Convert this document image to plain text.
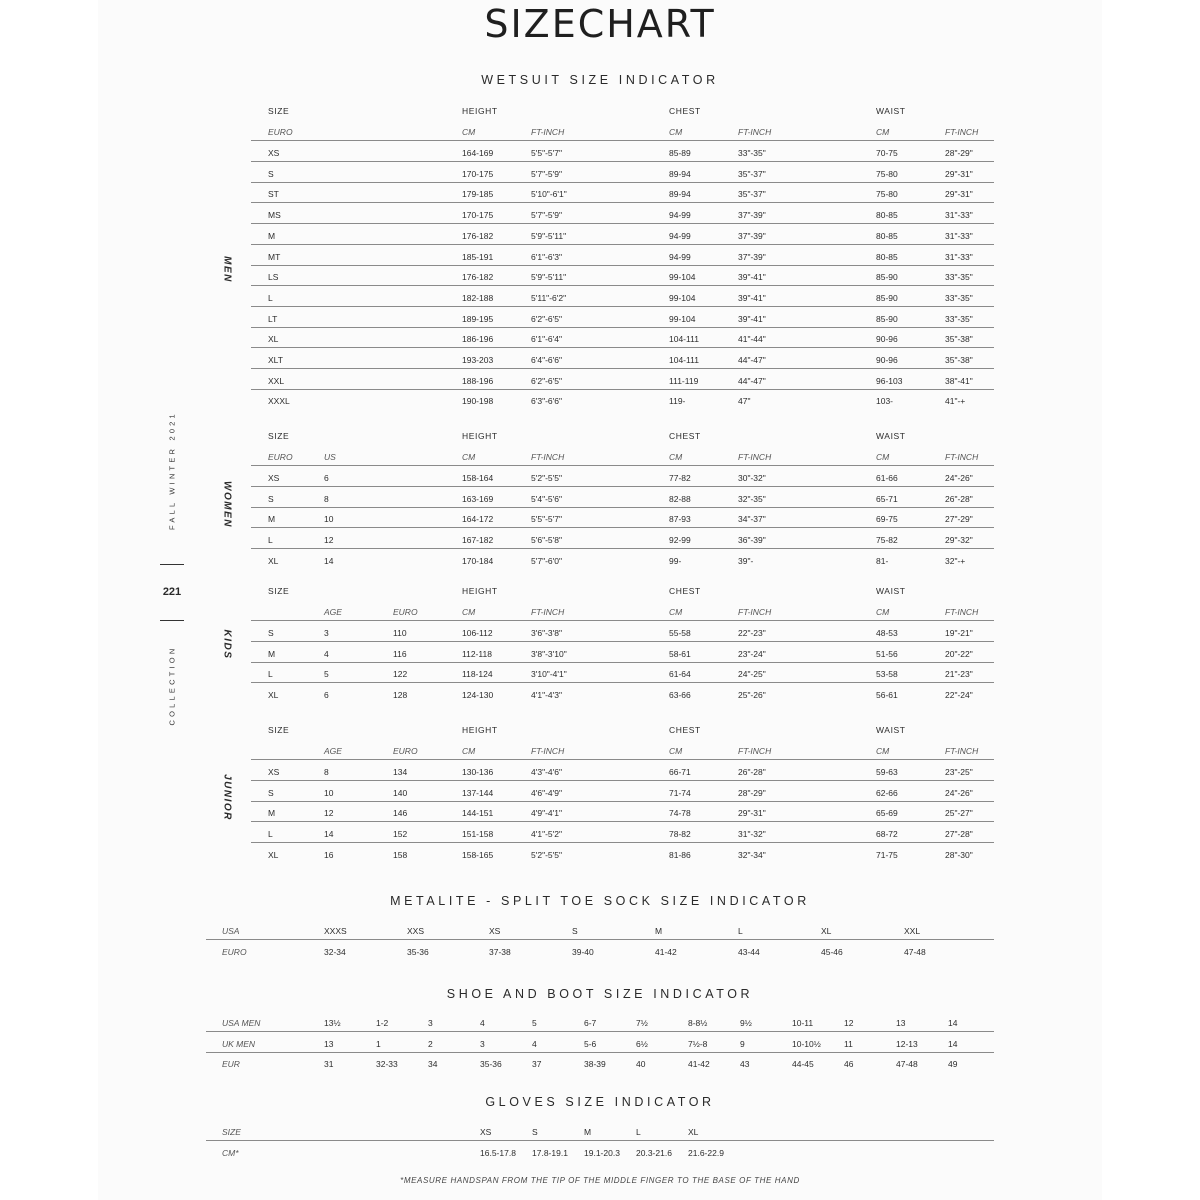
SIZECHART
FALL WINTER 2021
221
COLLECTION
WETSUIT SIZE INDICATOR
METALITE - SPLIT TOE SOCK SIZE INDICATOR
SHOE AND BOOT SIZE INDICATOR
GLOVES SIZE INDICATOR
*MEASURE HANDSPAN FROM THE TIP OF THE MIDDLE FINGER TO THE BASE OF THE HAND
SIZE	HEIGHT	CHEST	WAIST
EURO	CM	FT-INCH	CM	FT-INCH	CM	FT-INCH
XS	164-169	5'5"-5'7"	85-89	33"-35"	70-75	28"-29"
S	170-175	5'7"-5'9"	89-94	35"-37"	75-80	29"-31"
ST	179-185	5'10"-6'1"	89-94	35"-37"	75-80	29"-31"
MS	170-175	5'7"-5'9"	94-99	37"-39"	80-85	31"-33"
M	176-182	5'9"-5'11"	94-99	37"-39"	80-85	31"-33"
MT	185-191	6'1"-6'3"	94-99	37"-39"	80-85	31"-33"
LS	176-182	5'9"-5'11"	99-104	39"-41"	85-90	33"-35"
L	182-188	5'11"-6'2"	99-104	39"-41"	85-90	33"-35"
LT	189-195	6'2"-6'5"	99-104	39"-41"	85-90	33"-35"
XL	186-196	6'1"-6'4"	104-111	41"-44"	90-96	35"-38"
XLT	193-203	6'4"-6'6"	104-111	44"-47"	90-96	35"-38"
XXL	188-196	6'2"-6'5"	111-119	44"-47"	96-103	38"-41"
XXXL	190-198	6'3"-6'6"	119-	47"	103-	41"-+
MEN
SIZE	HEIGHT	CHEST	WAIST
EURO	US	CM	FT-INCH	CM	FT-INCH	CM	FT-INCH
XS	6	158-164	5'2"-5'5"	77-82	30"-32"	61-66	24"-26"
S	8	163-169	5'4"-5'6"	82-88	32"-35"	65-71	26"-28"
M	10	164-172	5'5"-5'7"	87-93	34"-37"	69-75	27"-29"
L	12	167-182	5'6"-5'8"	92-99	36"-39"	75-82	29"-32"
XL	14	170-184	5'7"-6'0"	99-	39"-	81-	32"-+
WOMEN
SIZE	HEIGHT	CHEST	WAIST
AGE	EURO	CM	FT-INCH	CM	FT-INCH	CM	FT-INCH
S	3	110	106-112	3'6"-3'8"	55-58	22"-23"	48-53	19"-21"
M	4	116	112-118	3'8"-3'10"	58-61	23"-24"	51-56	20"-22"
L	5	122	118-124	3'10"-4'1"	61-64	24"-25"	53-58	21"-23"
XL	6	128	124-130	4'1"-4'3"	63-66	25"-26"	56-61	22"-24"
KIDS
SIZE	HEIGHT	CHEST	WAIST
AGE	EURO	CM	FT-INCH	CM	FT-INCH	CM	FT-INCH
XS	8	134	130-136	4'3"-4'6"	66-71	26"-28"	59-63	23"-25"
S	10	140	137-144	4'6"-4'9"	71-74	28"-29"	62-66	24"-26"
M	12	146	144-151	4'9"-4'1"	74-78	29"-31"	65-69	25"-27"
L	14	152	151-158	4'1"-5'2"	78-82	31"-32"	68-72	27"-28"
XL	16	158	158-165	5'2"-5'5"	81-86	32"-34"	71-75	28"-30"
JUNIOR
USA	XXXS	XXS	XS	S	M	L	XL	XXL
EURO	32-34	35-36	37-38	39-40	41-42	43-44	45-46	47-48
USA MEN	13½	1-2	3	4	5	6-7	7½	8-8½	9½	10-11	12	13	14
UK MEN	13	1	2	3	4	5-6	6½	7½-8	9	10-10½	11	12-13	14
EUR	31	32-33	34	35-36	37	38-39	40	41-42	43	44-45	46	47-48	49
SIZE	XS	S	M	L	XL
CM*	16.5-17.8 17.8-19.1 19.1-20.3 20.3-21.6 21.6-22.9
